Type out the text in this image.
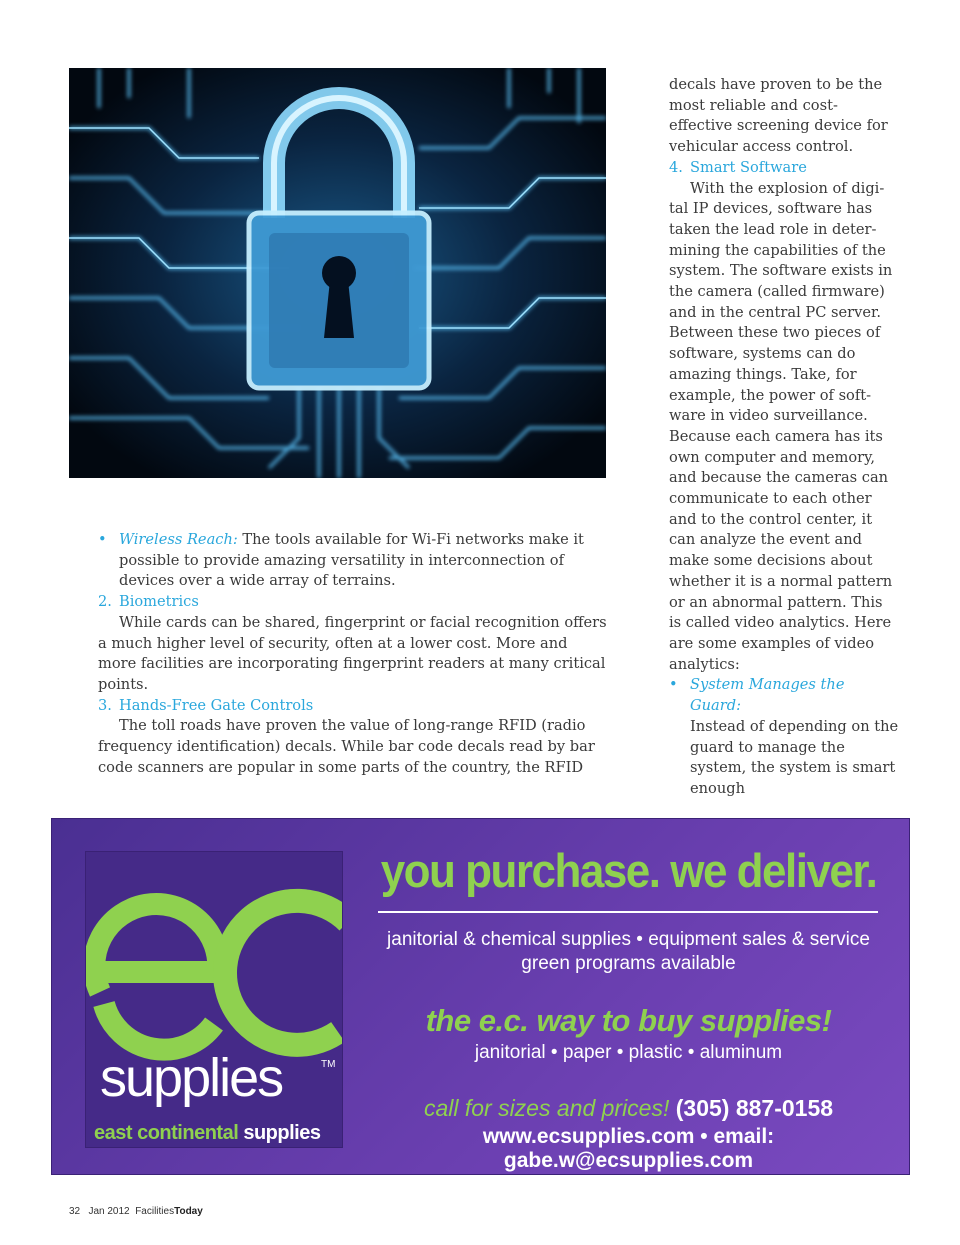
• Wireless Reach: The tools available for Wi-Fi networks make it possible to provide amazing versatility in interconnection of devices over a wide array of terrains.

2. Biometrics

While cards can be shared, fingerprint or facial recognition offers a much higher level of security, often at a lower cost. More and more facilities are incorporating fingerprint readers at many critical points.

3. Hands-Free Gate Controls

The toll roads have proven the value of long-range RFID (radio frequency identification) decals. While bar code decals read by bar code scanners are popular in some parts of the country, the RFID

decals have proven to be the most reliable and cost-effective screening device for vehicular access control.

4. Smart Software

With the explosion of digi-tal IP devices, software has taken the lead role in deter-mining the capabilities of the system. The software exists in the camera (called firmware) and in the central PC server. Between these two pieces of software, systems can do amazing things. Take, for example, the power of soft-ware in video surveillance. Because each camera has its own computer and memory, and because the cameras can communicate to each other and to the control center, it can analyze the event and make some decisions about whether it is a normal pattern or an abnormal pattern. This is called video analytics. Here are some examples of video analytics:

• System Manages the Guard:
Instead of depending on the guard to manage the system, the system is smart enough

supplies	TM
east continental supplies
you purchase. we deliver.
janitorial & chemical supplies • equipment sales & service
green programs available
the e.c. way to buy supplies!
janitorial • paper • plastic • aluminum
call for sizes and prices! (305) 887-0158
www.ecsupplies.com • email: gabe.w@ecsupplies.com
32 Jan 2012 FacilitiesToday
